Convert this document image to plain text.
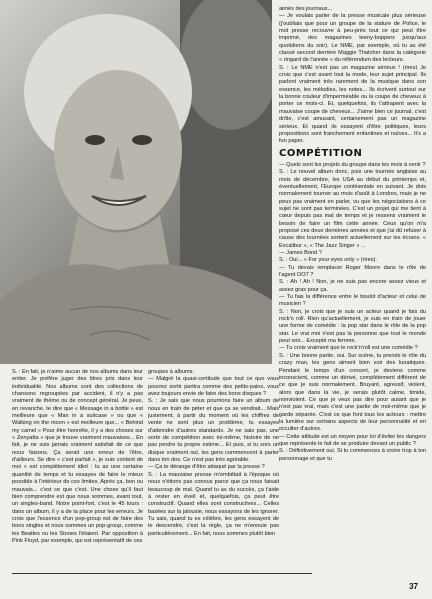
aimés des journaux...

— Je voulais parler de la presse musicale plus sérieuse (j'oubliais que pour un groupe de la stature de Police, le mot presse recouvre à peu-près tout ce qui peut être imprimé, des magazines teeny-boppers jusqu'aux quotidiens du soir). Le NME, par exemple, où tu as été classé second derrière Maggie Thatcher dans la catégorie « ringard de l'année » du référendum des lecteurs.

S. : Le NME n'est pas un magazine sérieux ! (rires) Je crois que c'est avant tout la mode, leur sujet principal. Ils parlent vraiment très rarement de la musique dans son essence, les mélodies, les notes... Ils écrivent surtout sur la bonne couleur d'imperméable ou la coupe de cheveux à porter ce mois-ci. Et, quelquefois, ils t'attrapent avec la mauvaise coupe de cheveux... J'aime bien ce journal, c'est drôle, c'est amusant, certainement pas un magazine sérieux. Et quand ils essayent d'être politiques, leurs propositions sont franchement enfantines et naïves... It's a fun paper.

COMPÉTITION

— Quels sont les projets du groupe dans les mois à venir ?

S. : Le nouvel album donc, puis une tournée anglaise au mois de décembre, les USA au début du printemps et, éventuellement, l'Europe continentale en suivant. Je dois normalement tourner au mois d'août à Londres, mais je ne peux pas vraiment en parler, vu que les négociations à ce sujet ne sont pas terminées. C'est un projet qui me tient à cœur depuis pas mal de temps et je ressens vraiment le besoin de faire un film cette année. Ceux qu'on m'a proposé ces deux dernières années et que j'ai dû refuser à cause des tournées sortent actuellement sur les écrans. « Excalibur », « The Jazz Singer » ...

— James Bond ?

S. : Oui... « For your eyes only » (rires).

— Tu devais remplacer Roger Moore dans le rôle de l'agent OO7 ?

S. : Ah ! Ah ! Non, je ne suis pas encore assez vieux et assez gras pour ça.

— Tu fais la différence entre le boulot d'acteur et celui de musicien ?

S. : Non, je crois que je suis un acteur quand je fais du rock'n roll. Rien qu'actuellement, je suis en train de jouer une forme de comédie : la pop star dans le rôle de la pop star. Le vrai moi n'est pas la personne que tout le monde peut voir... Excepté ma femme.

— Tu crois vraiment que le rock'n'roll est une comédie ?

S. : Une bonne partie, oui. Sur scène, tu prends le rôle du crazy man, les gens aiment bien voir des lunatiques. Pendant le temps d'un concert, je deviens comme inconscient, comme un dérivé, complètement différent de ce que je suis normalement. Bruyant, agressif, violent, alors que dans la vie, je serais plutôt calme, timide, nonviolent. Ce que je veux pas dire pour autant que je n'est pas vrai, mais c'est une partie de moi-même que je garde séparée. C'est ce que font tous les acteurs : mettre la lumière sur certains aspects de leur personnalité et en occulter d'autres.

— Cette attitude est un moyen pour toi d'éviter les dangers que représente le fait de se produire devant un public ?

S. : Définitivement oui. Si tu commences à croire trop à ton personnage et que tu

S. : En fait, je n'aime aucun de nos albums dans leur entier. Je préfère juger des titres pris dans leur individualité. Nos albums sont des collections de chansons regroupées par accident, il n'y a pas vraiment de thème ou de concept général. Je peux, en revanche, te dire que « Message in a bottle » est meilleure que « Man in a suitcase » ou que « Walking on the moon » est meilleure que... « Behind my camel » Pour être honnête, il y a des choses sur « Zenyatta » que je trouve vraiment mauvaises... En fait, je ne suis jamais vraiment satisfait de ce que nous faisons. Ça serait une erreur de l'être, d'ailleurs. Se dire « c'est parfait », je suis content de moi » est complètement idiot : tu as une certaine quantité de temps et tu essayes de faire le mieux possible à l'intérieur de ces limites. Après ça, bon ou mauvais... c'est ce que c'est. Une chose qu'il faut bien comprendre est que nous sommes, avant tout, un singles-band. Notre point-fort, c'est le 45 tours : dans un album, il y a de la place pour les erreurs. Je crois que l'essence d'un pop-group est de faire des bons singles et nous sommes un pop-group, comme les Beatles ou les Stones l'étaient. Par opposition à Pink Floyd, par exemple, qui est représentatif de ces

groupes à albums.

— Malgré la quasi-certitude que tout ce que vous pourrez sortir partira comme des petits-pains, vous avez toujours envie de faire des bons disques ?

S. : Je sais que nous pourrions faire un album de nous en train de péter et que ça se vendrait... Mais justement, à partir du moment où les chiffres de vente ne sont plus un problème, tu essayes d'atteindre d'autres standards. Je ne sais pas, une sorte de compétition avec toi-même, histoire de ne pas perdre ta propre estime... Et puis, si tu sors un disque vraiment nul, les gens commencent à parler dans ton dos. Ce n'est pas très agréable.

— Ça te dérange d'être attaqué par la presse ?

S. : La mauvaise presse m'embêtait à l'époque où nous n'étions pas connus parce que ça nous faisait beaucoup de mal. Quand tu as du succès, ça t'aide à rester en éveil et, quelquefois, ça peut être constructif. Quand elles sont constructives... Celles basées sur la jalousie, nous essayons de les ignorer. Tu sais, quand tu es célèbre, les gens essayent de te descendre, c'est la règle, ça ne m'ennuie pas particulièrement... En fait, nous sommes plutôt bien

37
